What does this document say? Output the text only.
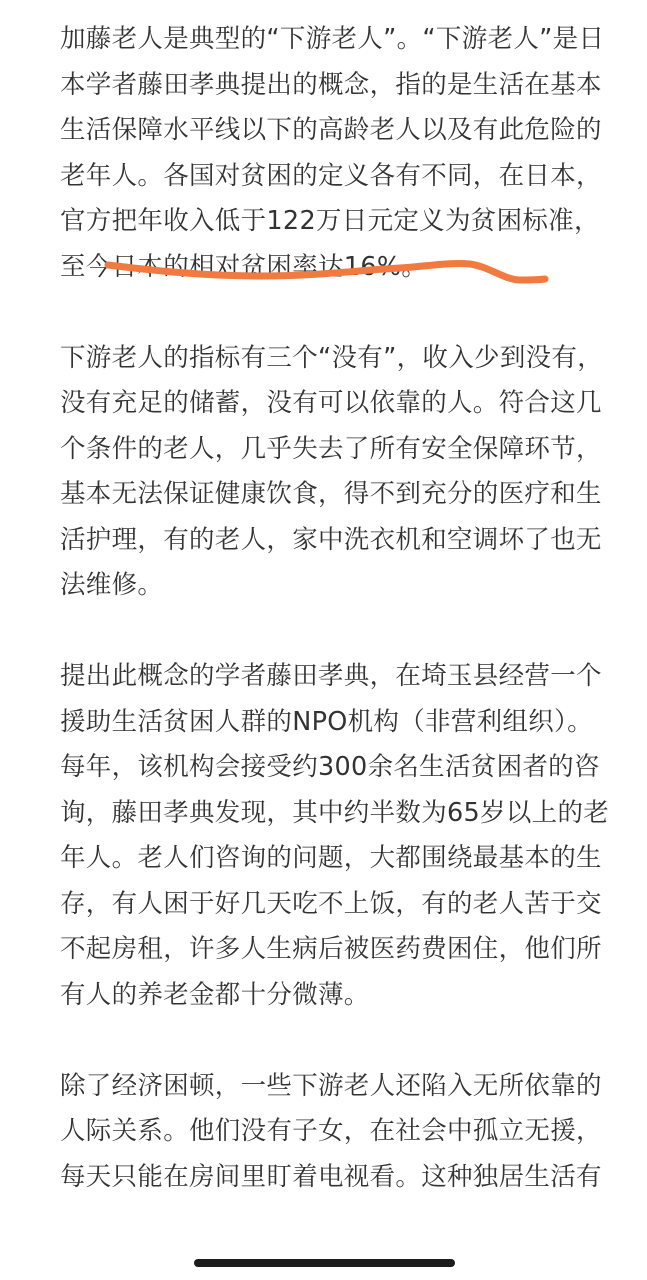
加藤老人是典型的“下游老人”。“下游老人”是日
本学者藤田孝典提出的概念，指的是生活在基本
生活保障水平线以下的高龄老人以及有此危险的
老年人。各国对贫困的定义各有不同，在日本，
官方把年收入低于122万日元定义为贫困标准，
至今日本的相对贫困率达16%。
下游老人的指标有三个“没有”，收入少到没有，
没有充足的储蓄，没有可以依靠的人。符合这几
个条件的老人，几乎失去了所有安全保障环节，
基本无法保证健康饮食，得不到充分的医疗和生
活护理，有的老人，家中洗衣机和空调坏了也无
法维修。
提出此概念的学者藤田孝典，在埼玉县经营一个
援助生活贫困人群的NPO机构（非营利组织）。
每年，该机构会接受约300余名生活贫困者的咨
询，藤田孝典发现，其中约半数为65岁以上的老
年人。老人们咨询的问题，大都围绕最基本的生
存，有人困于好几天吃不上饭，有的老人苦于交
不起房租，许多人生病后被医药费困住，他们所
有人的养老金都十分微薄。
除了经济困顿，一些下游老人还陷入无所依靠的
人际关系。他们没有子女，在社会中孤立无援，
每天只能在房间里盯着电视看。这种独居生活有
